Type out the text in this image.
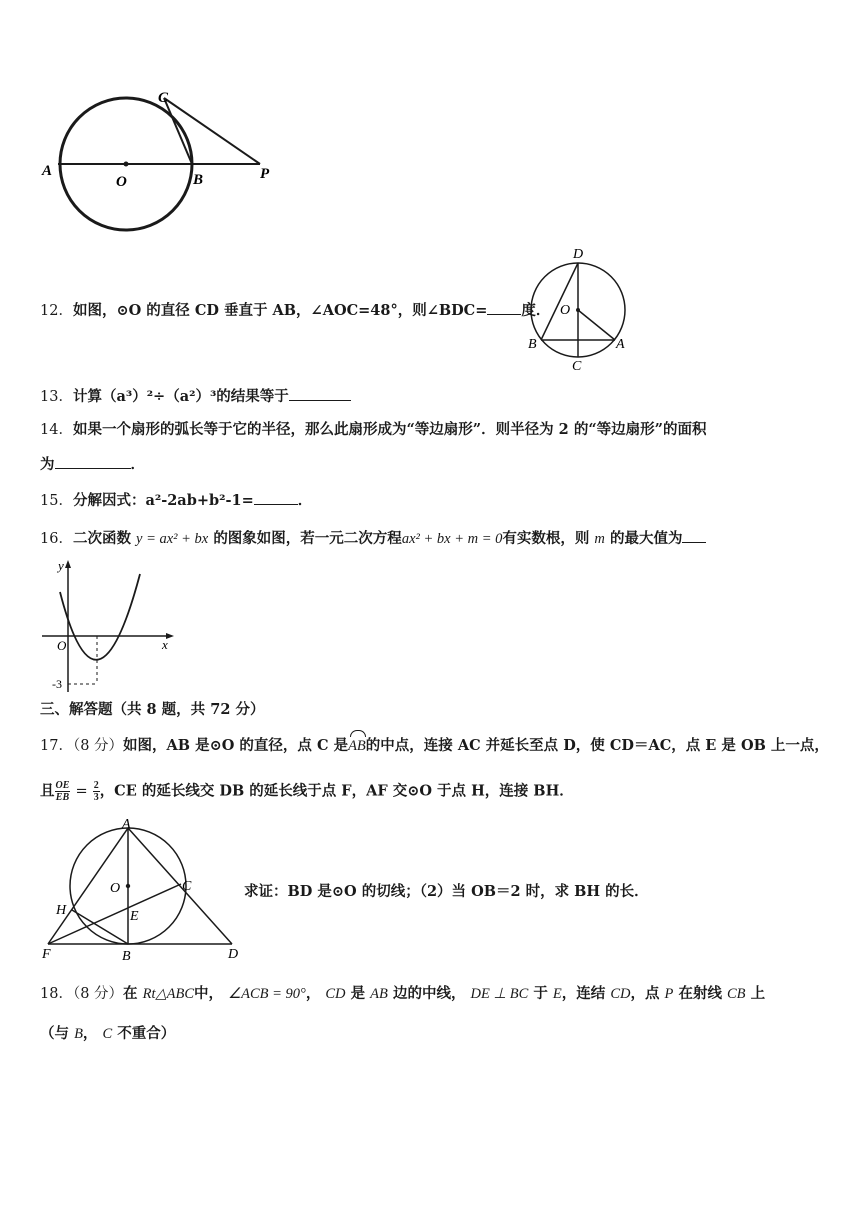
A
O	B
C
P
12．如图，⊙O 的直径 CD 垂直于 AB，∠AOC=48°，则∠BDC= 度．
D
O
B	A
C
13．计算（a³）²÷（a²）³的结果等于
14．如果一个扇形的弧长等于它的半径，那么此扇形成为“等边扇形”．则半径为 2 的“等边扇形”的面积
为	．
15．分解因式：a²-2ab+b²-1=	．
16．二次函数 y = ax² + bx 的图象如图，若一元二次方程ax² + bx + m = 0有实数根，则 m 的最大值为
y
x
O
-3
三、解答题（共 8 题，共 72 分）
17．（8 分）如图，AB 是⊙O 的直径，点 C 是
AB的中点，连接 AC 并延长至点 D，使 CD＝AC，点 E 是 OB 上一点，
且 $\frac{OE}{EB} = \frac{2}{3}$ ，CE 的延长线交 DB 的延长线于点 F，AF 交⊙O 于点 H，连接 BH．
A
O	C
H	E
F	B	D
求证：BD 是⊙O 的切线；（2）当 OB＝2 时，求 BH 的长．
18．（8 分）在 Rt△ABC中， ∠ACB = 90°， CD 是 AB 边的中线， DE ⊥ BC 于 E，连结 CD，点 P 在射线 CB 上
（与 B， C 不重合）
